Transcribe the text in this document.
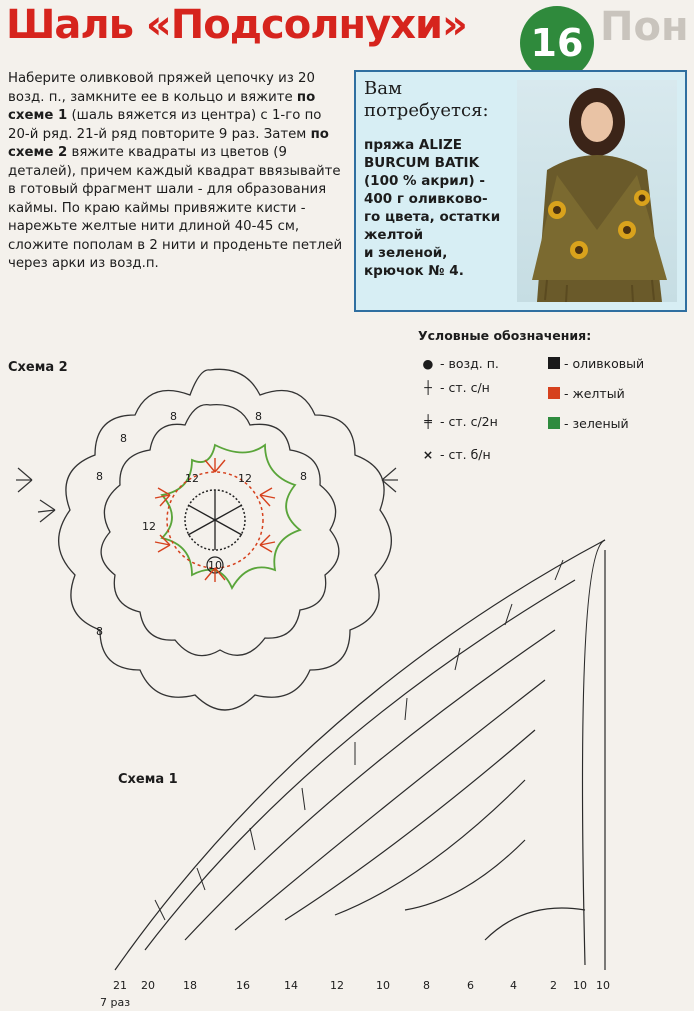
Шаль «Подсолнухи»	Пон
16
Наберите оливковой пряжей цепочку из 20 возд. п., замкните ее в кольцо и вяжите по схеме 1 (шаль вяжется из центра) с 1-го по 20-й ряд. 21-й ряд повторите 9 раз. Затем по схеме 2 вяжите квадраты из цветов (9 деталей), причем каждый квадрат ввязывайте в готовый фрагмент шали - для образования каймы. По краю каймы привяжите кисти - нарежьте желтые нити длиной 40-45 см, сложите пополам в 2 нити и проденьте петлей через арки из возд.п.
Вам потребуется:
пряжа ALIZE
BURCUM BATIK
(100 % акрил) -
400 г оливково-
го цвета, остатки
желтой
и зеленой,
крючок № 4.
Условные обозначения:
● - возд. п.
┼ - ст. с/н
╪ - ст. с/2н
× - ст. б/н
- оливковый
- желтый
- зеленый
Схема 2
10
12
12
12
8
8	8
8	8
8
Схема 1
21 20	18	16	14	12	10	8	6	4	2 10 10
7 раз
